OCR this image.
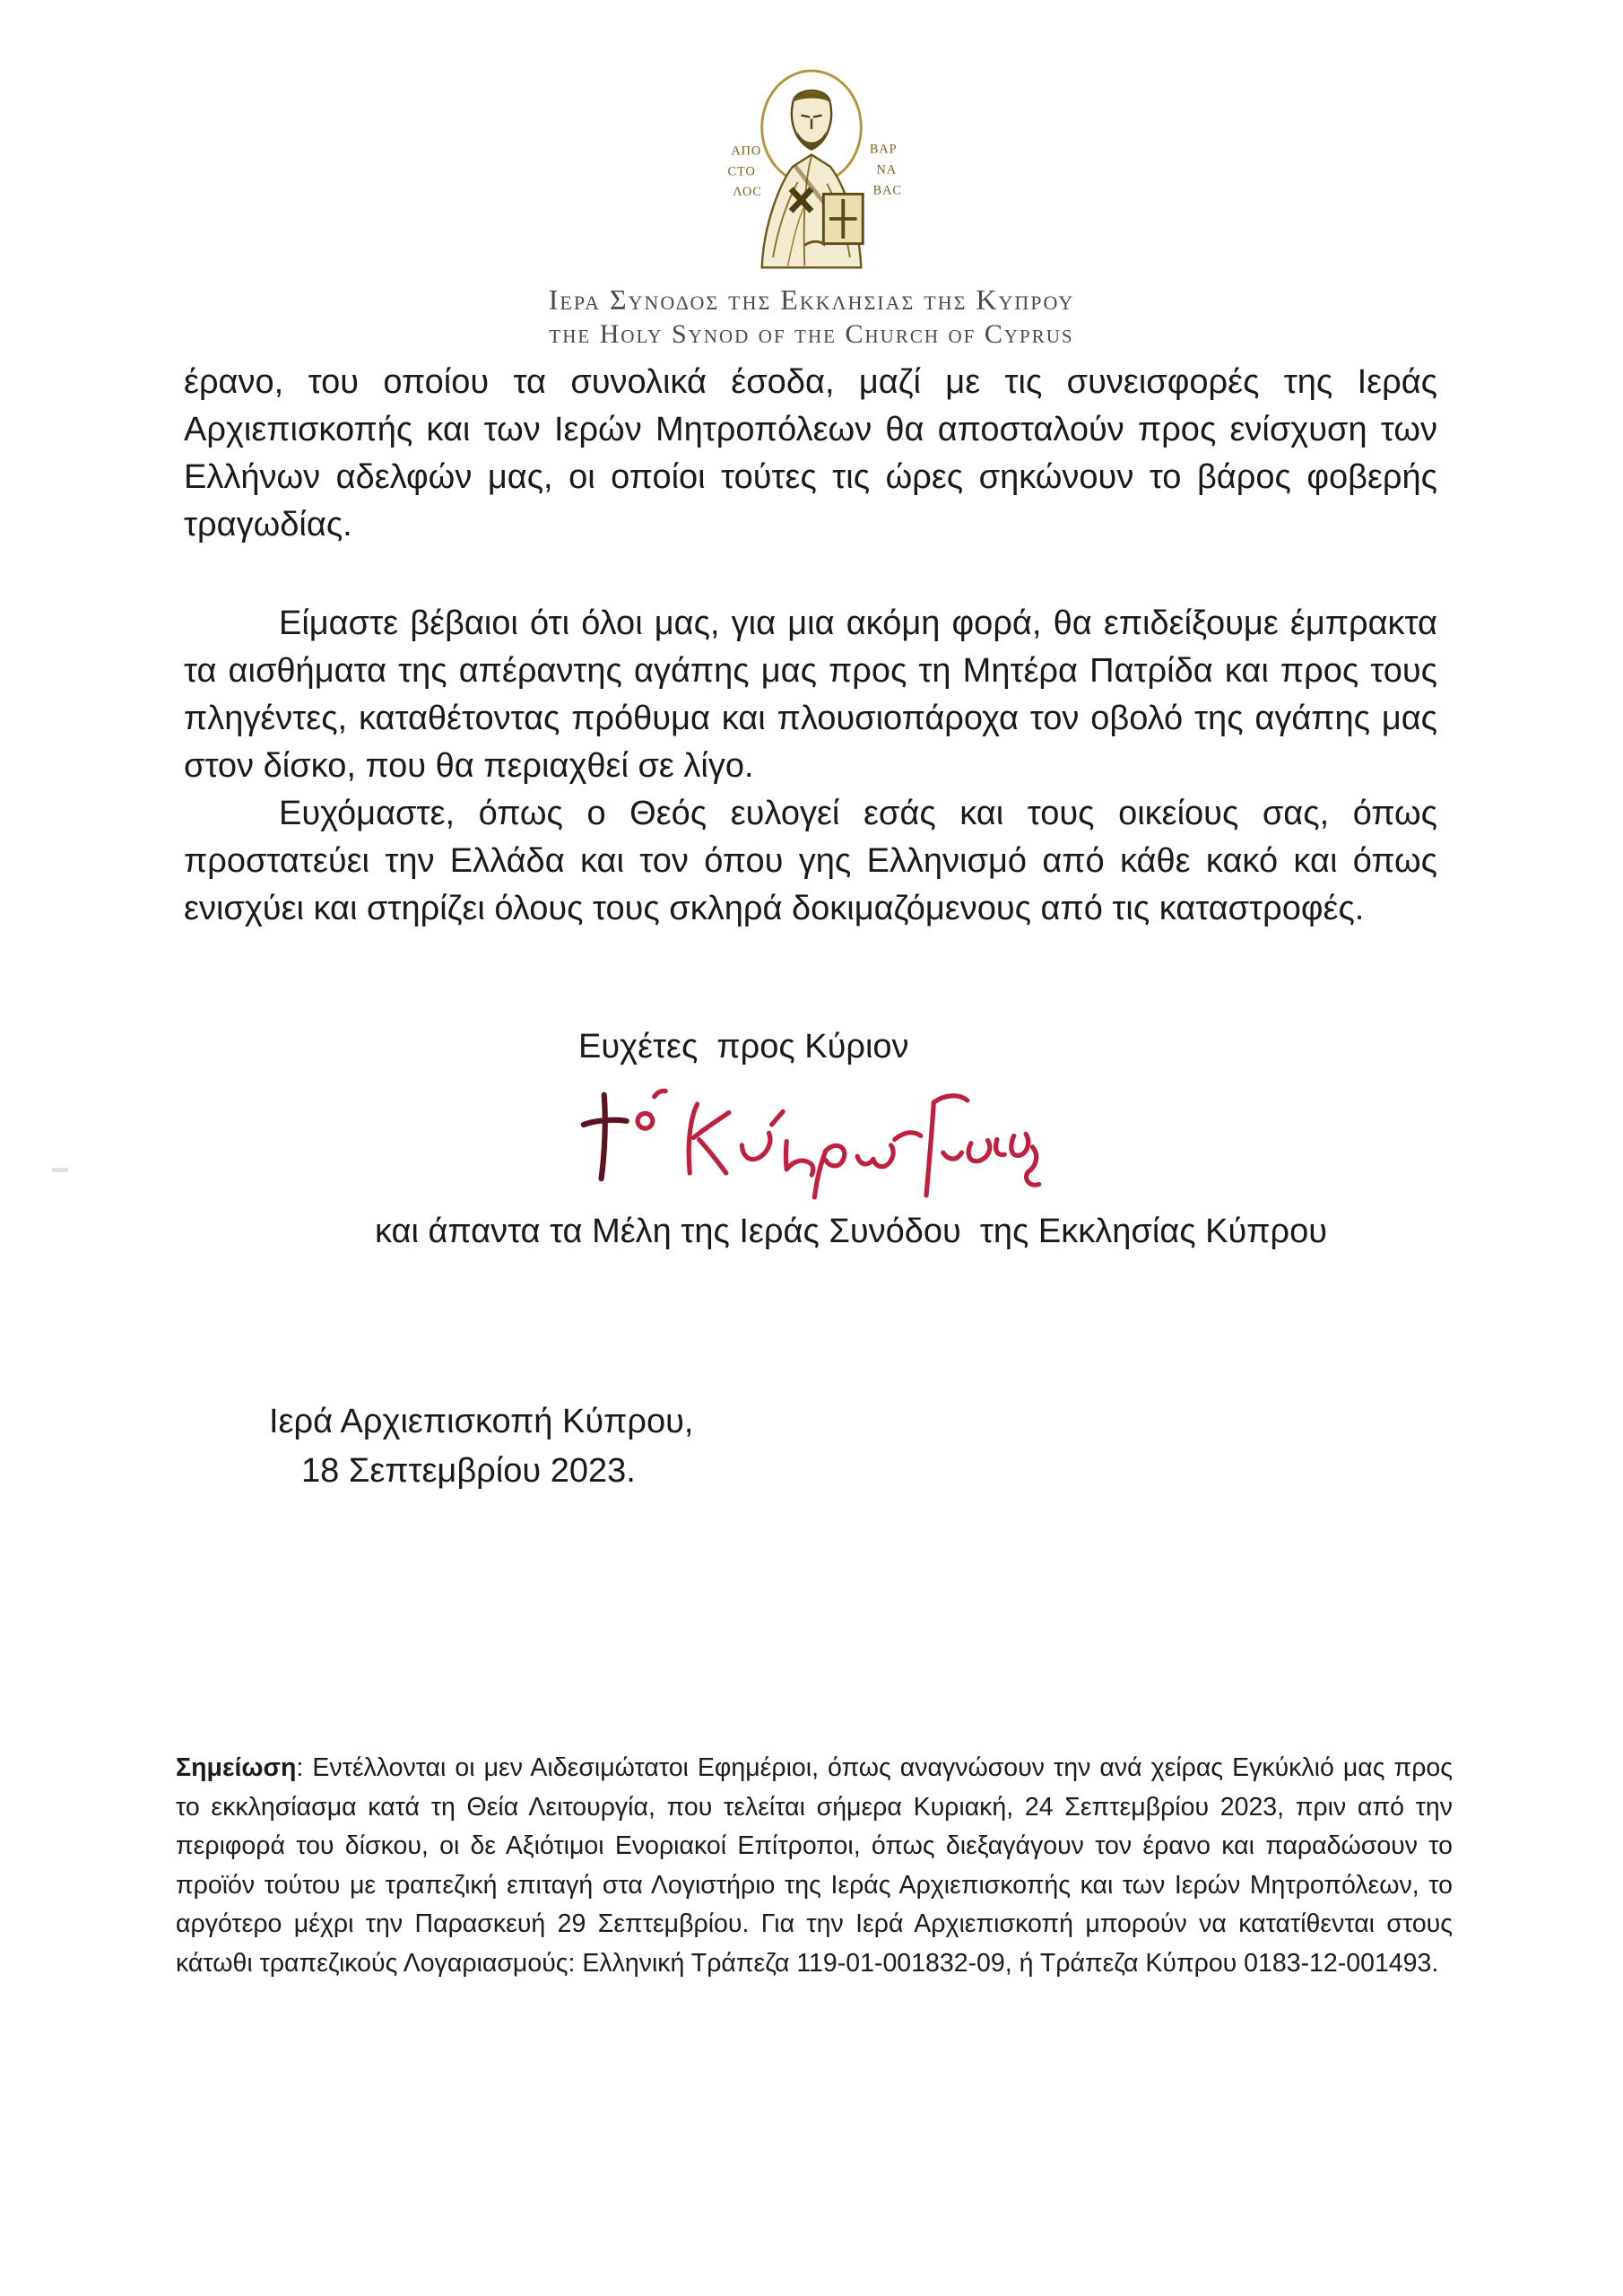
ΑΠΟ
ϹΤΟ
ΛΟϹ
ΒΑΡ
ΝΑ
ΒΑϹ
Ιερα Συνοδος της Εκκλησιας της Κυπρου
the Holy Synod of the Church of Cyprus

έρανο, του οποίου τα συνολικά έσοδα, μαζί με τις συνεισφορές της Ιεράς Αρχιεπισκοπής και των Ιερών Μητροπόλεων θα αποσταλούν προς ενίσχυση των Ελλήνων αδελφών μας, οι οποίοι τούτες τις ώρες σηκώνουν το βάρος φοβερής τραγωδίας.

Είμαστε βέβαιοι ότι όλοι μας, για μια ακόμη φορά, θα επιδείξουμε έμπρακτα τα αισθήματα της απέραντης αγάπης μας προς τη Μητέρα Πατρίδα και προς τους πληγέντες, καταθέτοντας πρόθυμα και πλουσιοπάροχα τον οβολό της αγάπης μας στον δίσκο, που θα περιαχθεί σε λίγο.

Ευχόμαστε, όπως ο Θεός ευλογεί εσάς και τους οικείους σας, όπως προστατεύει την Ελλάδα και τον όπου γης Ελληνισμό από κάθε κακό και όπως ενισχύει και στηρίζει όλους τους σκληρά δοκιμαζόμενους από τις καταστροφές.

Ευχέτες  προς Κύριον
και άπαντα τα Μέλη της Ιεράς Συνόδου  της Εκκλησίας Κύπρου
Ιερά Αρχιεπισκοπή Κύπρου,
18 Σεπτεμβρίου 2023.
Σημείωση: Εντέλλονται οι μεν Αιδεσιμώτατοι Εφημέριοι, όπως αναγνώσουν την ανά χείρας Εγκύκλιό μας προς το εκκλησίασμα κατά τη Θεία Λειτουργία, που τελείται σήμερα Κυριακή, 24 Σεπτεμβρίου 2023, πριν από την περιφορά του δίσκου, οι δε Αξιότιμοι Ενοριακοί Επίτροποι, όπως διεξαγάγουν τον έρανο και παραδώσουν το προϊόν τούτου με τραπεζική επιταγή στα Λογιστήριο της Ιεράς Αρχιεπισκοπής και των Ιερών Μητροπόλεων, το αργότερο μέχρι την Παρασκευή 29 Σεπτεμβρίου. Για την Ιερά Αρχιεπισκοπή μπορούν να κατατίθενται στους κάτωθι τραπεζικούς Λογαριασμούς: Ελληνική Τράπεζα 119-01-001832-09, ή Τράπεζα Κύπρου 0183-12-001493.
